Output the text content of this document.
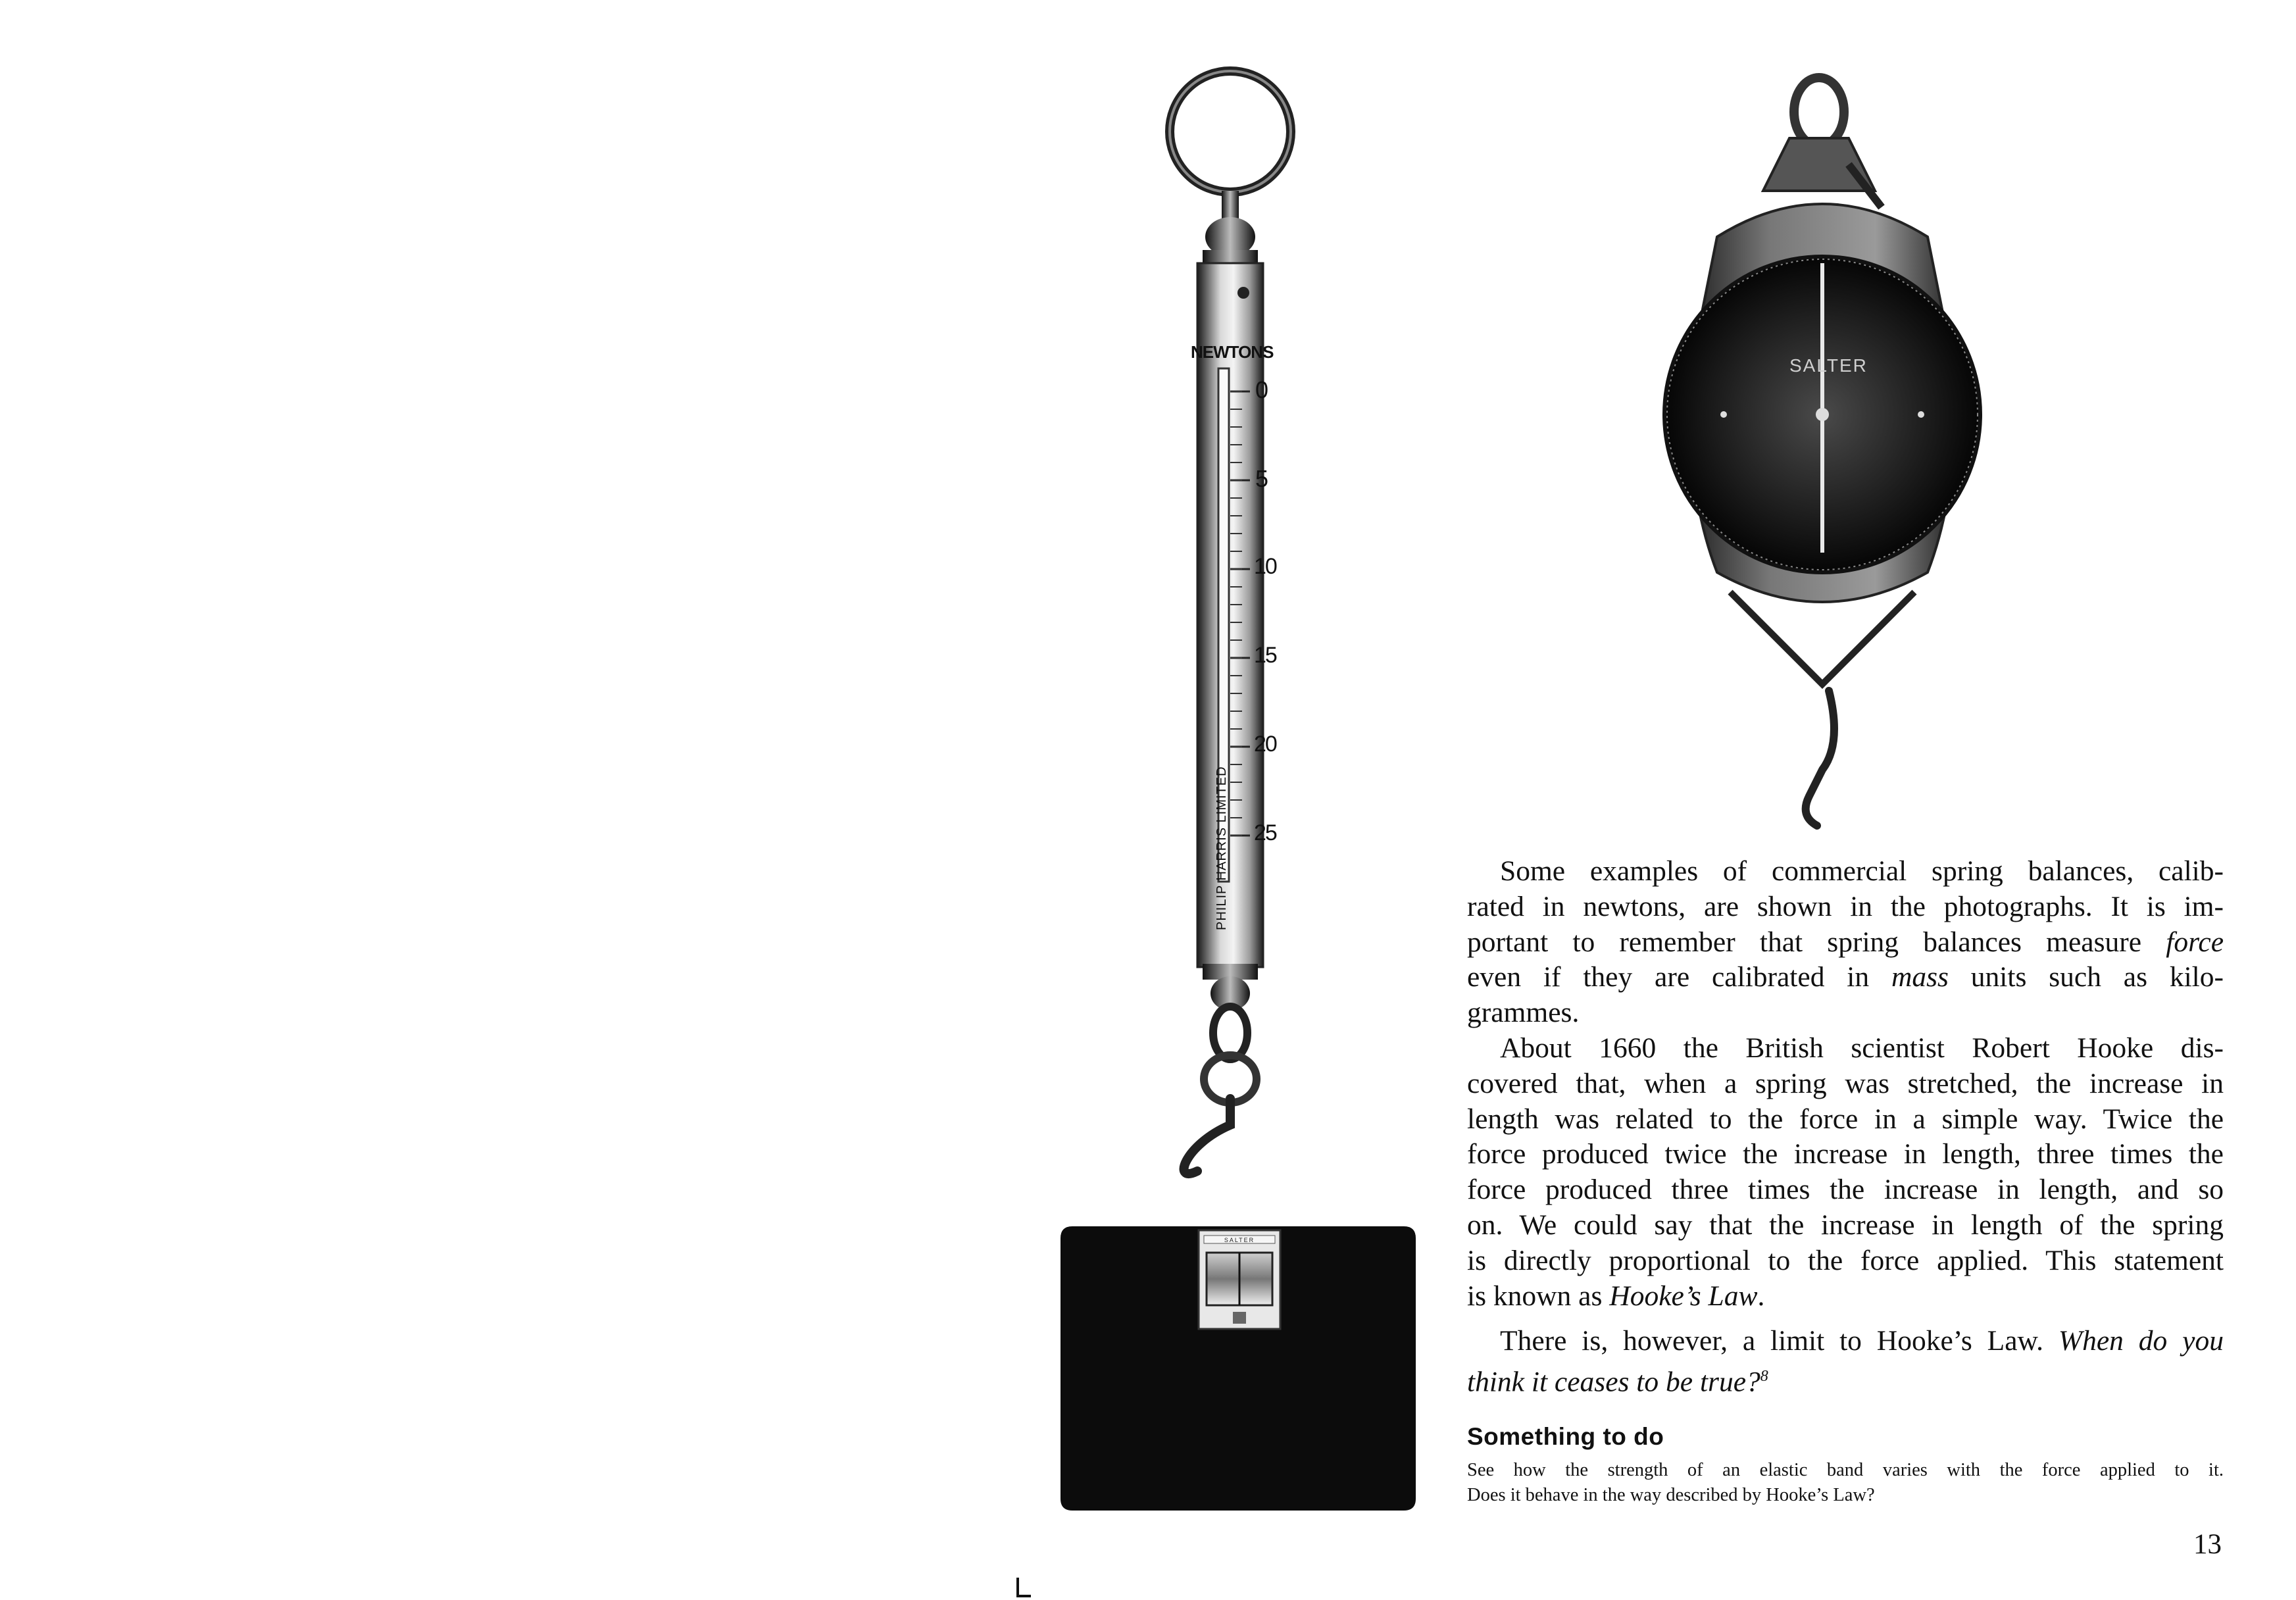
NEWTONS
0
5
10
15
20
25
PHILIP HARRIS LIMITED
SALTER
SALTER
Some examples of commercial spring balances, calib-
rated in newtons, are shown in the photographs. It is im-
portant to remember that spring balances measure force
even if they are calibrated in mass units such as kilo-
grammes.
About 1660 the British scientist Robert Hooke dis-
covered that, when a spring was stretched, the increase in
length was related to the force in a simple way. Twice the
force produced twice the increase in length, three times the
force produced three times the increase in length, and so
on. We could say that the increase in length of the spring
is directly proportional to the force applied. This statement
is known as Hooke’s Law.
There is, however, a limit to Hooke’s Law. When do you
think it ceases to be true?$^8$
Something to do
See how the strength of an elastic band varies with the force applied to it.
Does it behave in the way described by Hooke’s Law?
13
